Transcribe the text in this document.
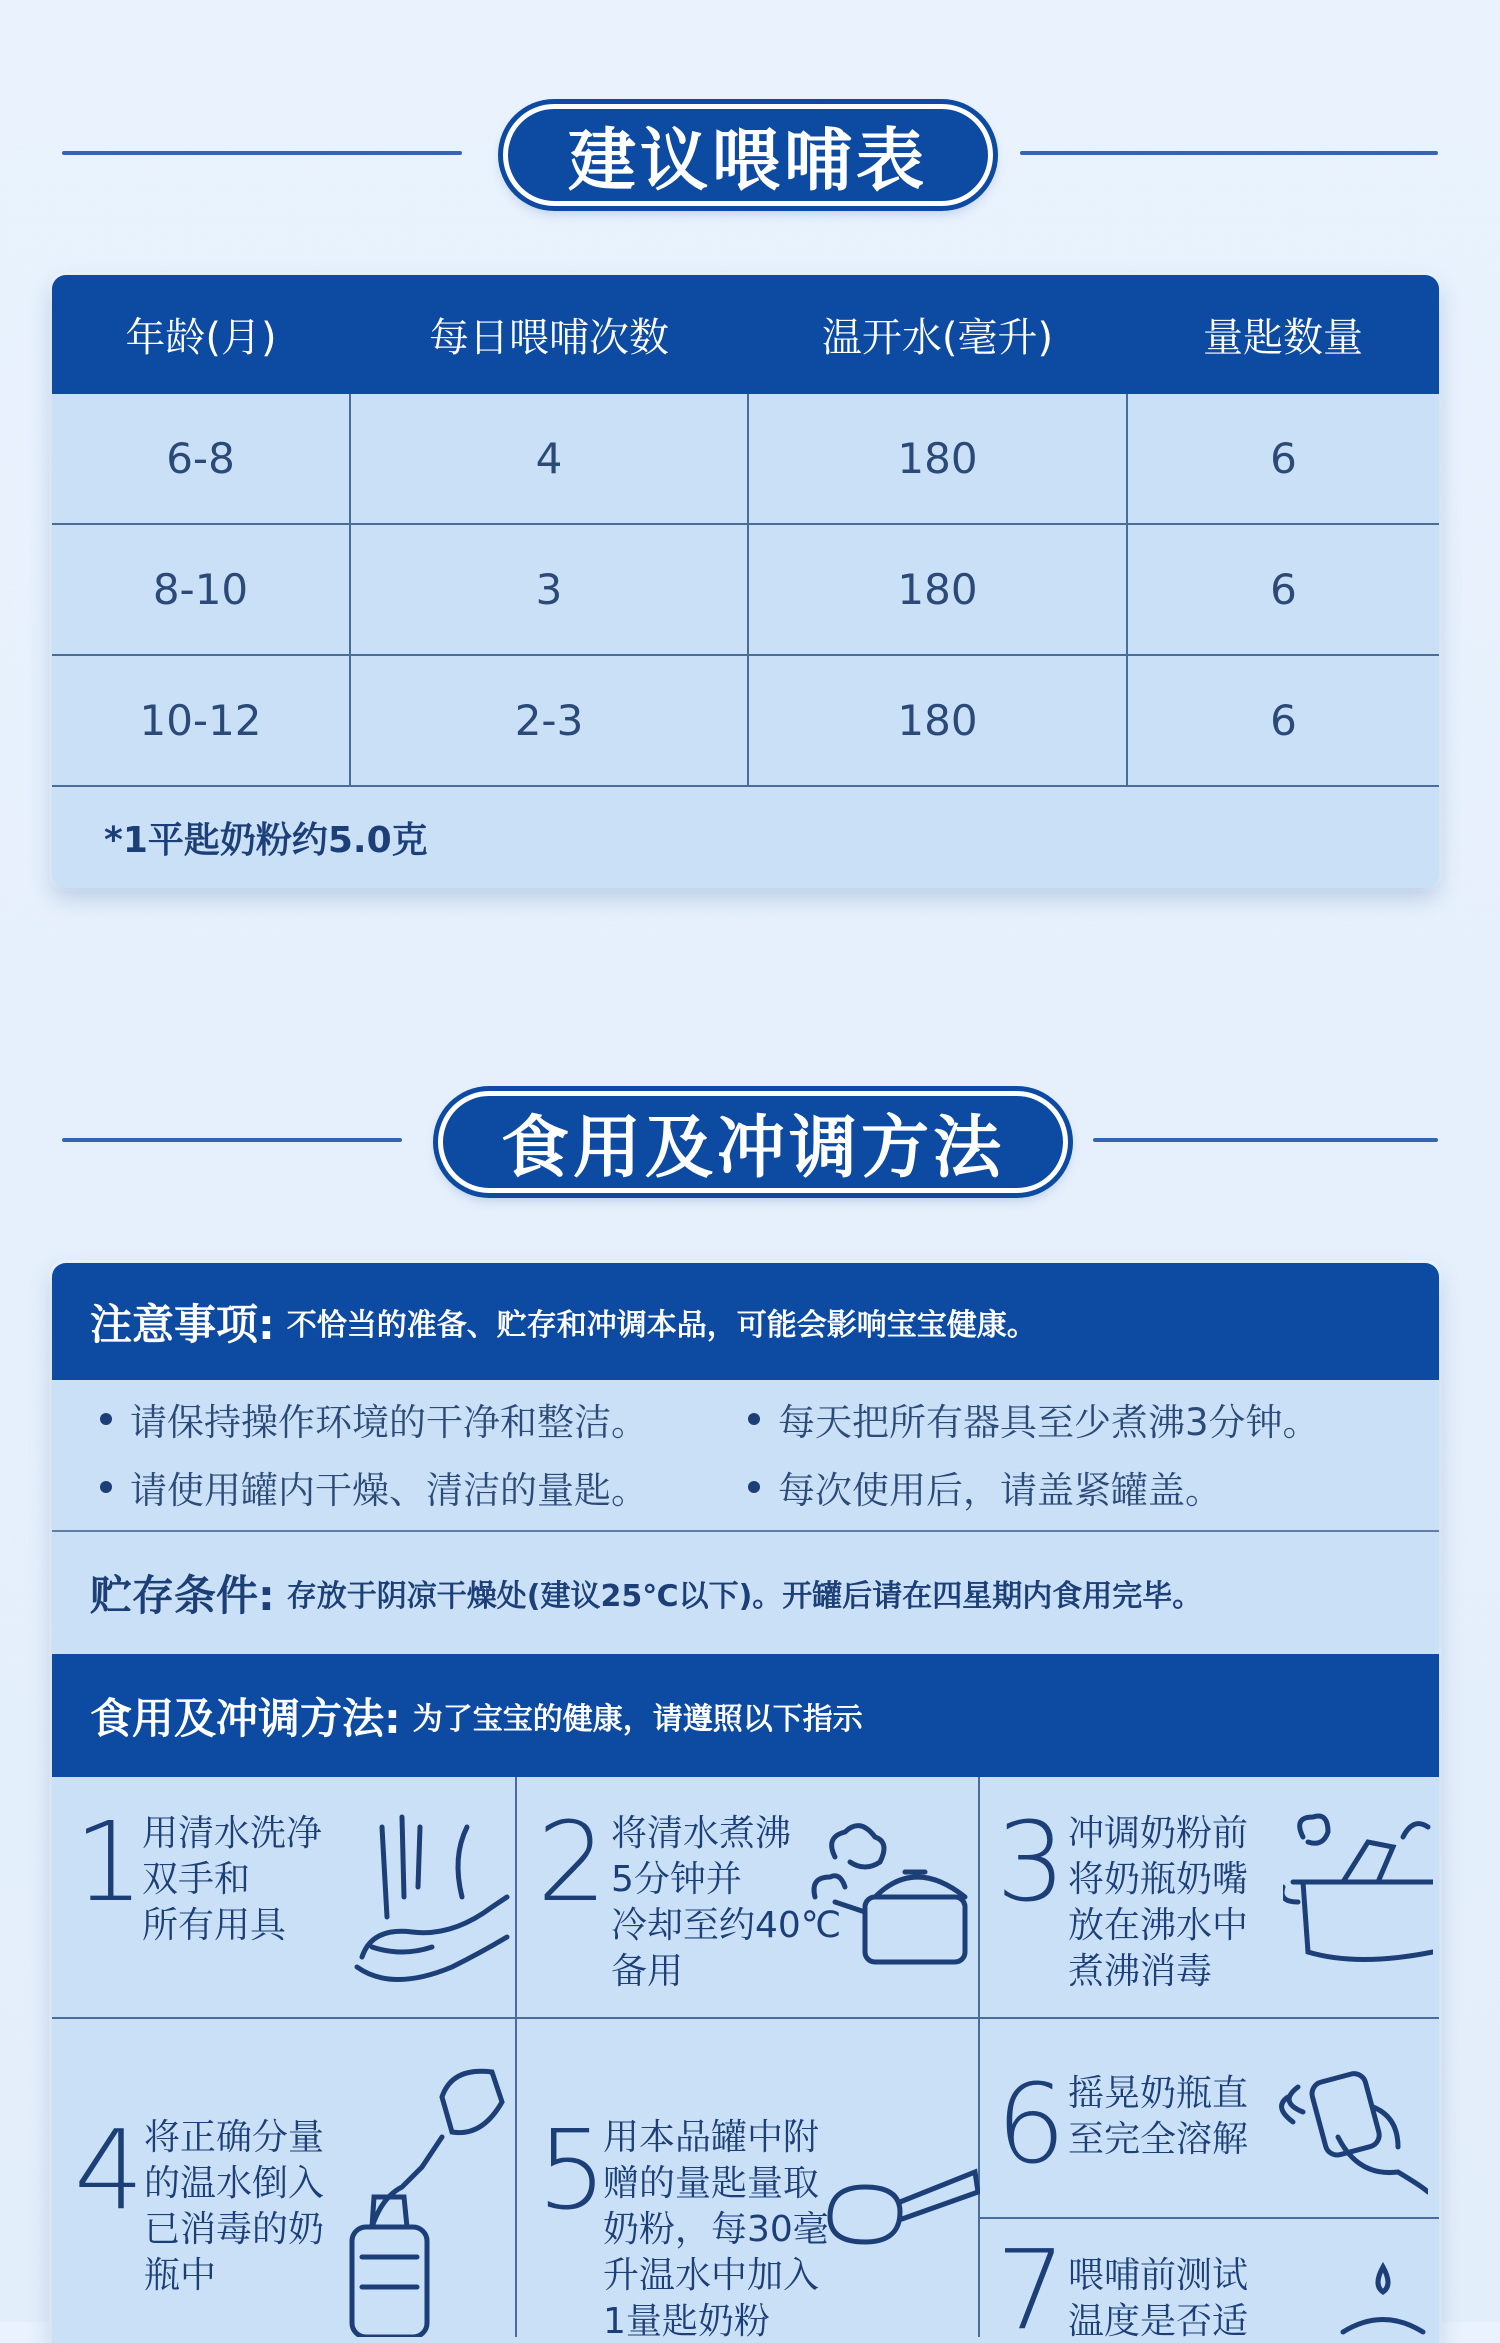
建议喂哺表
年龄(月)	每日喂哺次数	温开水(毫升)	量匙数量
6-8	4	180	6
8-10	3	180	6
10-12	2-3	180	6
*1平匙奶粉约5.0克
食用及冲调方法
注意事项: 不恰当的准备、贮存和冲调本品，可能会影响宝宝健康。
请保持操作环境的干净和整洁。	每天把所有器具至少煮沸3分钟。
请使用罐内干燥、清洁的量匙。	每次使用后，请盖紧罐盖。
贮存条件: 存放于阴凉干燥处(建议25℃以下)。开罐后请在四星期内食用完毕。
食用及冲调方法: 为了宝宝的健康，请遵照以下指示
1
用清水洗净
双手和
所有用具	2 将清水煮沸
5分钟并
冷却至约40℃
备用
3 冲调奶粉前
将奶瓶奶嘴
放在沸水中
煮沸消毒
4 将正确分量
的温水倒入
已消毒的奶
瓶中
5
用本品罐中附
赠的量匙量取
奶粉，每30毫
升温水中加入
1量匙奶粉
6 摇晃奶瓶直
至完全溶解
7 喂哺前测试
温度是否适
